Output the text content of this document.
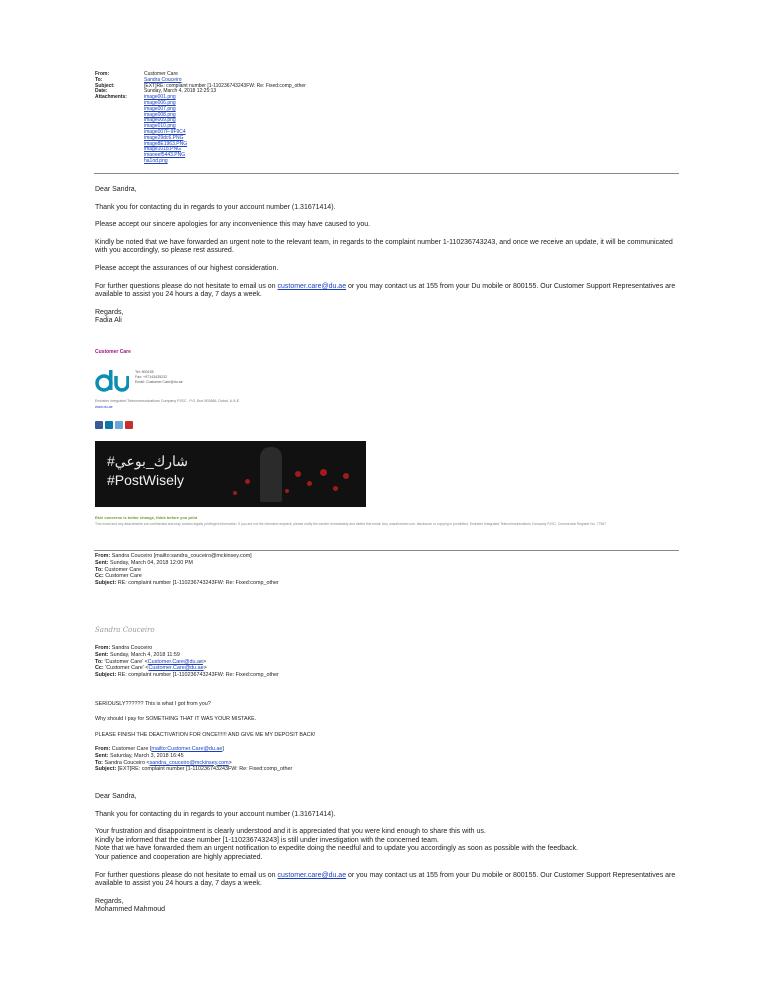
From:	Customer Care
To:	Sandra Couceiro
Subject:	[EXT]RE: complaint number [1-110236743243FW: Re: Fixed:comp_other
Date:	Sunday, March 4, 2018 12:25:13
Attachments:	image001.png
image006.png
image007.png
image008.png
image009.png
image010.png
image007F-9F9C4
image29dc6.PNG
image8E1963.PNG
image1018.PNG
imaoeef5443.PNG
ha1od.png

Dear Sandra,

Thank you for contacting du in regards to your account number (1.31671414).

Please accept our sincere apologies for any inconvenience this may have caused to you.

Kindly be noted that we have forwarded an urgent note to the relevant team, in regards to the complaint number 1-110236743243, and once we receive an update, it will be communicated with you accordingly, so please rest assured.

Please accept the assurances of our highest consideration.

For further questions please do not hesitate to email us on customer.care@du.ae or you may contact us at 155 from your Du mobile or 800155. Our Customer Support Representatives are available to assist you 24 hours a day, 7 days a week.

Regards,

Fadia Ali

Customer Care
Tel: 800155
Fax: +97143435232
Email: Customer.Care@du.ae
Emirates Integrated Telecommunications Company PJSC , P.O. Box 502666, Dubai, U.A.E
www.du.ae
#شارك_بوعي
#PostWisely
Ek/e concerns is better change, think before you print
This email and any attachments are confidential and may contain legally privileged information. If you are not the intended recipient, please notify the sender immediately and delete this email. Any unauthorised use, disclosure or copying is prohibited. Emirates Integrated Telecommunications Company PJSC, Commercial Register No. 77967
From: Sandra Couceiro [mailto:sandra_couceiro@mckinsey.com]
Sent: Sunday, March 04, 2018 12:00 PM
To: Customer Care
Cc: Customer Care
Subject: RE: complaint number [1-110236743243FW: Re: Fixed:comp_other
Sandra Couceiro
From: Sandra Couceiro
Sent: Sunday, March 4, 2018 11:59
To: 'Customer Care' <Customer.Care@du.ae>
Cc: 'Customer Care' <Customer.Care@du.ae>
Subject: RE: complaint number [1-110236743243FW: Re: Fixed:comp_other
SERIOUSLY?????? This is what I got from you?
Why should I pay for SOMETHING THAT IT WAS YOUR MISTAKE.
PLEASE FINISH THE DEACTIVATION FOR ONCE!!!!!! AND GIVE ME MY DEPOSIT BACK!
From: Customer Care [mailto:Customer.Care@du.ae]
Sent: Saturday, March 3, 2018 16:45
To: Sandra Couceiro <sandra_couceiro@mckinsey.com>
Subject: [EXT]RE: complaint number [1-110236743243FW: Re: Fixed:comp_other

Dear Sandra,

Thank you for contacting du in regards to your account number (1.31671414).

Your frustration and disappointment is clearly understood and it is appreciated that you were kind enough to share this with us.
Kindly be informed that the case number [1-110236743243] is still under investigation with the concerned team.
Note that we have forwarded them an urgent notification to expedite doing the needful and to update you accordingly as soon as possible with the feedback.

Your patience and cooperation are highly appreciated.

For further questions please do not hesitate to email us on customer.care@du.ae or you may contact us at 155 from your Du mobile or 800155. Our Customer Support Representatives are available to assist you 24 hours a day, 7 days a week.

Regards,
Mohammed Mahmoud
